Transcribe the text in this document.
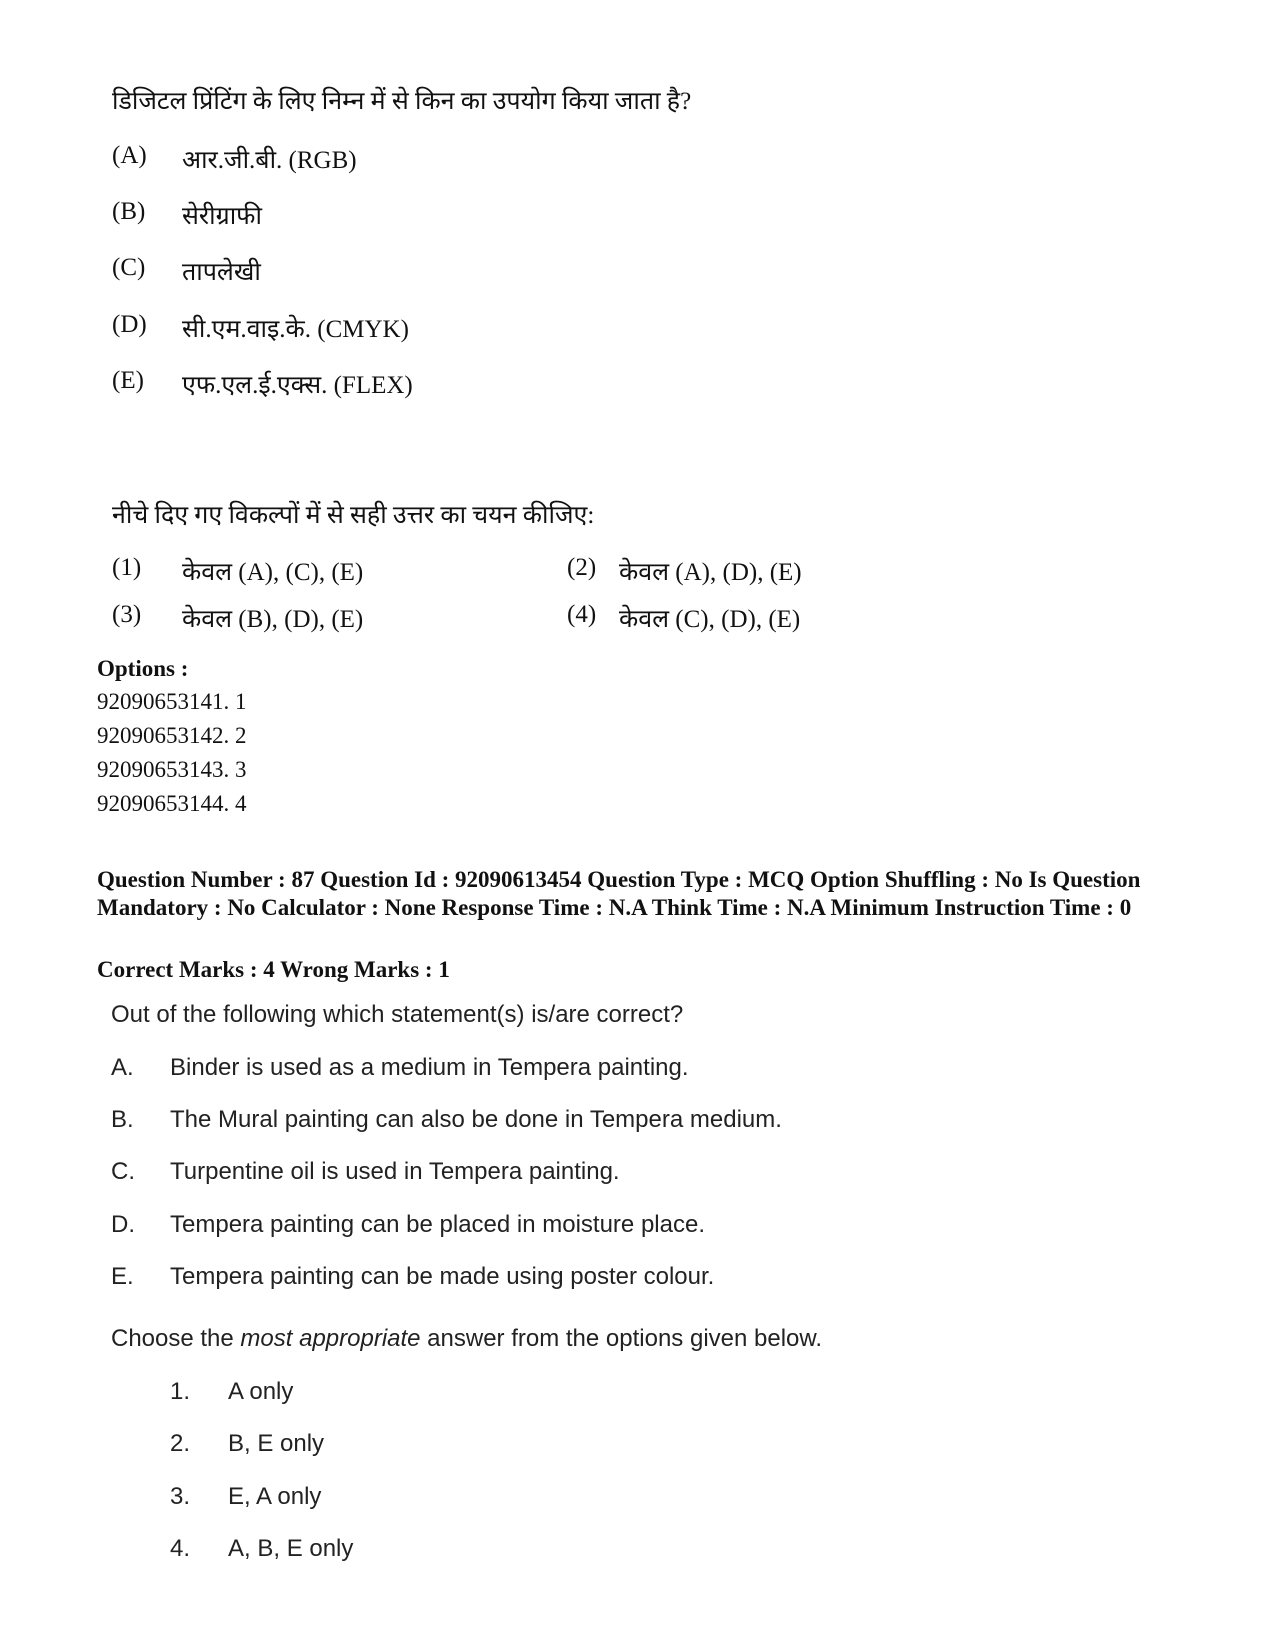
डिजिटल प्रिंटिंग के लिए निम्न में से किन का उपयोग किया जाता है?
(A) आर.जी.बी. (RGB)
(B) सेरीग्राफी
(C) तापलेखी
(D) सी.एम.वाइ.के. (CMYK)
(E) एफ.एल.ई.एक्स. (FLEX)
नीचे दिए गए विकल्पों में से सही उत्तर का चयन कीजिए:
(1) केवल (A), (C), (E)	(2) केवल (A), (D), (E)
(3) केवल (B), (D), (E)	(4) केवल (C), (D), (E)
Options :
92090653141. 1
92090653142. 2
92090653143. 3
92090653144. 4
Question Number : 87 Question Id : 92090613454 Question Type : MCQ Option Shuffling : No Is Question Mandatory : No Calculator : None Response Time : N.A Think Time : N.A Minimum Instruction Time : 0
Correct Marks : 4 Wrong Marks : 1
Out of the following which statement(s) is/are correct?
A. Binder is used as a medium in Tempera painting.
B. The Mural painting can also be done in Tempera medium.
C. Turpentine oil is used in Tempera painting.
D. Tempera painting can be placed in moisture place.
E. Tempera painting can be made using poster colour.
Choose the most appropriate answer from the options given below.
1. A only
2. B, E only
3. E, A only
4. A, B, E only
